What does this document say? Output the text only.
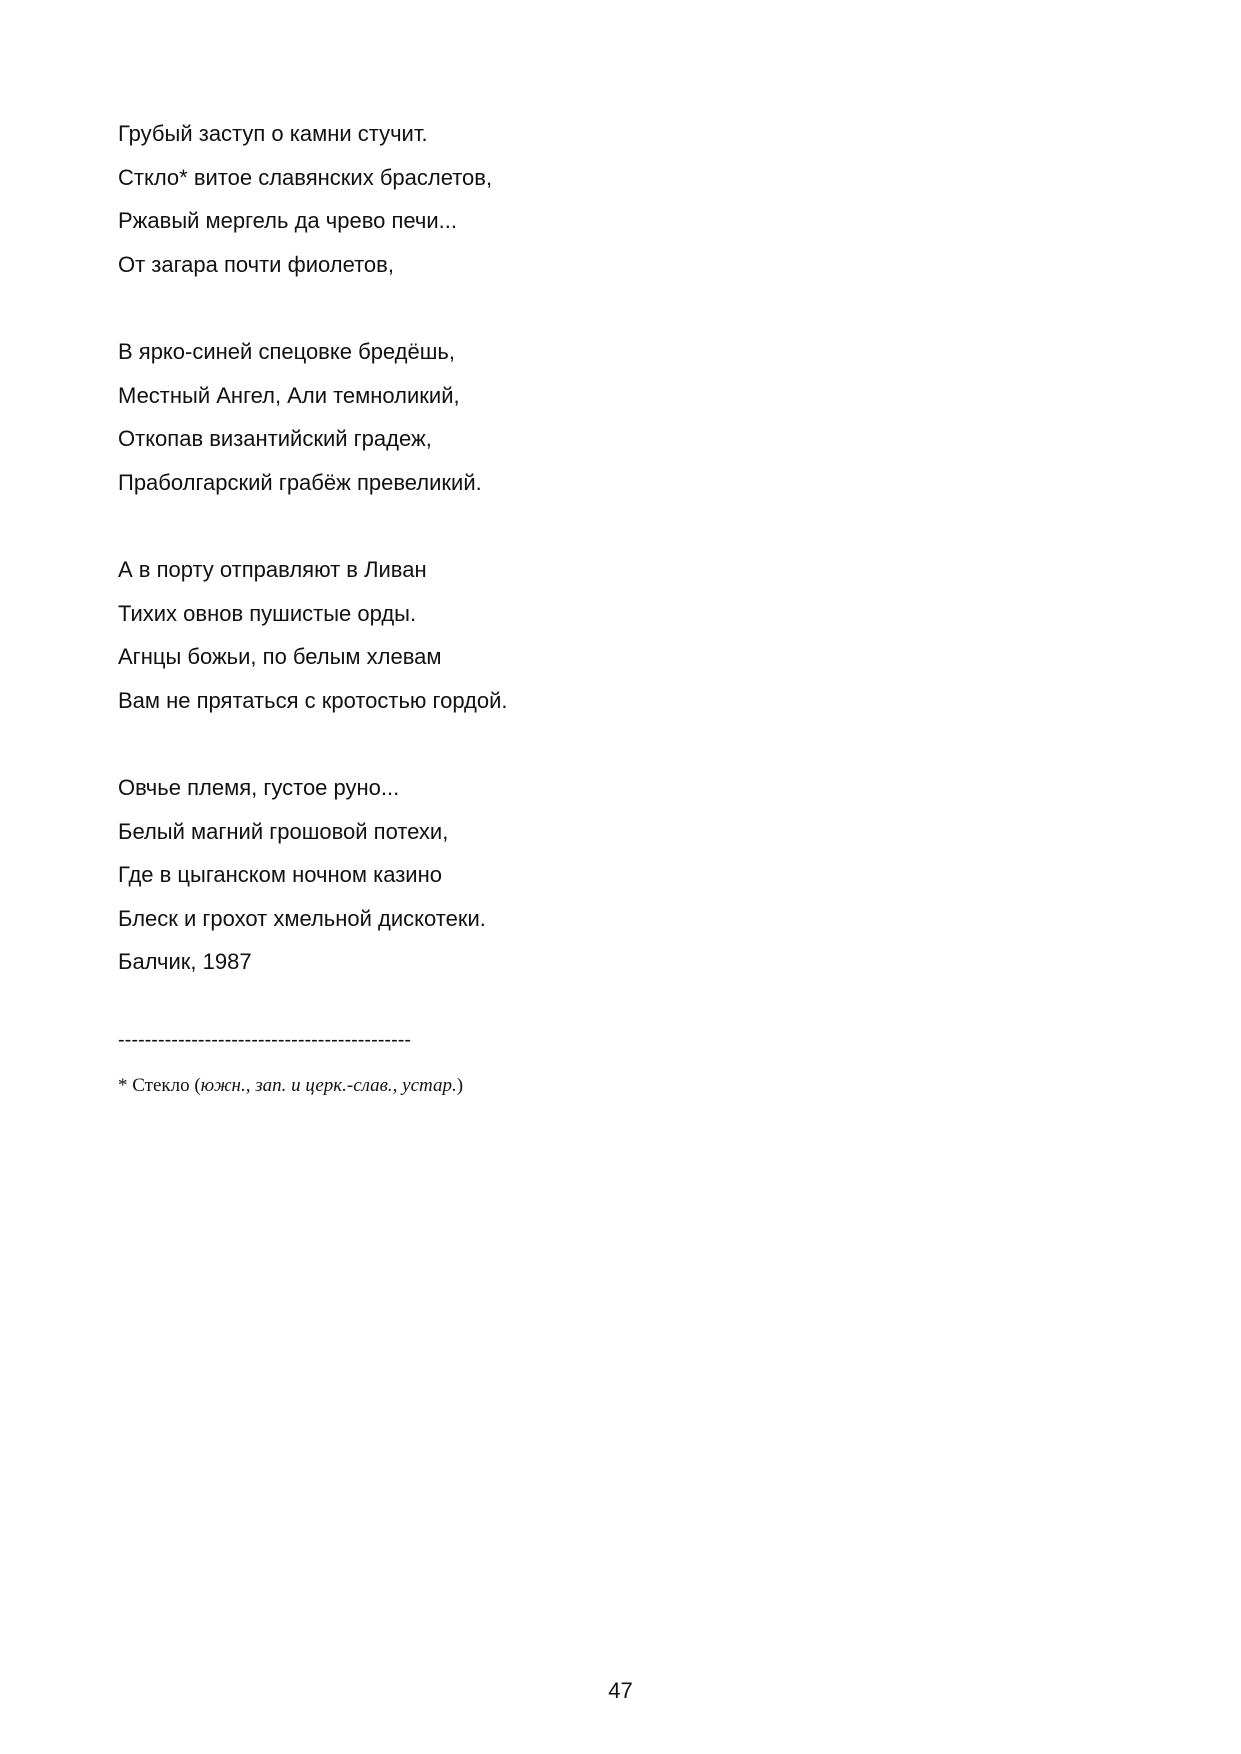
Грубый заступ о камни стучит.
Сткло* витое славянских браслетов,
Ржавый мергель да чрево печи...
От загара почти фиолетов,
В ярко-синей спецовке бредёшь,
Местный Ангел, Али темноликий,
Откопав византийский градеж,
Праболгарский грабёж превеликий.
А в порту отправляют в Ливан
Тихих овнов пушистые орды.
Агнцы божьи, по белым хлевам
Вам не прятаться с кротостью гордой.
Овчье племя, густое руно...
Белый магний грошовой потехи,
Где в цыганском ночном казино
Блеск и грохот хмельной дискотеки.
Балчик, 1987
--------------------------------------------
* Стекло (южн., зап. и церк.-слав., устар.)
47
